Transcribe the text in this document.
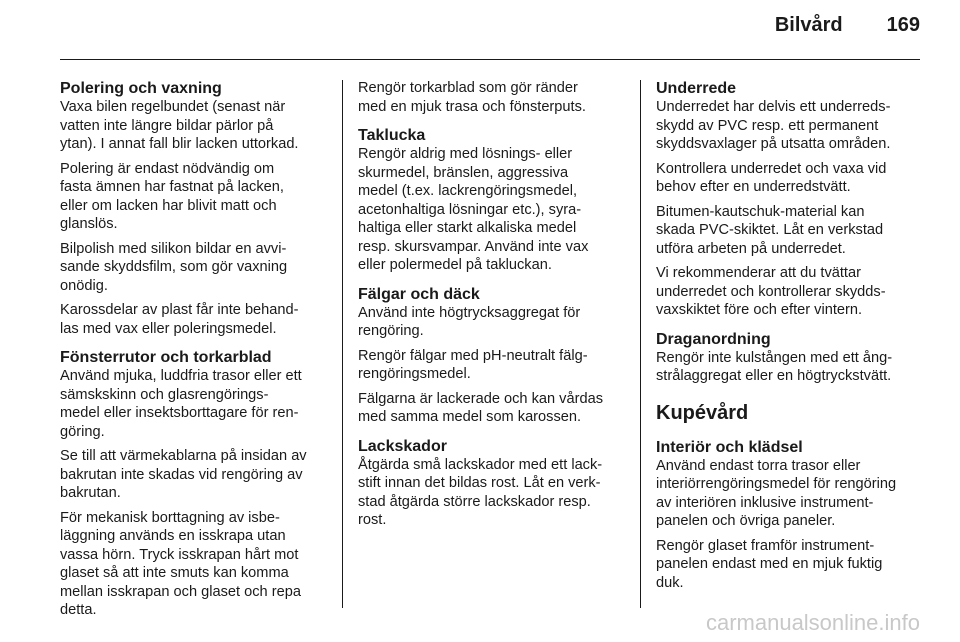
Bilvård 169
Polering och vaxning

Vaxa bilen regelbundet (senast när
vatten inte längre bildar pärlor på
ytan). I annat fall blir lacken uttorkad.

Polering är endast nödvändig om
fasta ämnen har fastnat på lacken,
eller om lacken har blivit matt och
glanslös.

Bilpolish med silikon bildar en avvi-
sande skyddsfilm, som gör vaxning
onödig.

Karossdelar av plast får inte behand-
las med vax eller poleringsmedel.

Fönsterrutor och torkarblad

Använd mjuka, luddfria trasor eller ett
sämskskinn och glasrengörings-
medel eller insektsborttagare för ren-
göring.

Se till att värmekablarna på insidan av
bakrutan inte skadas vid rengöring av
bakrutan.

För mekanisk borttagning av isbe-
läggning används en isskrapa utan
vassa hörn. Tryck isskrapan hårt mot
glaset så att inte smuts kan komma
mellan isskrapan och glaset och repa
detta.

Rengör torkarblad som gör ränder
med en mjuk trasa och fönsterputs.

Taklucka

Rengör aldrig med lösnings- eller
skurmedel, bränslen, aggressiva
medel (t.ex. lackrengöringsmedel,
acetonhaltiga lösningar etc.), syra-
haltiga eller starkt alkaliska medel
resp. skursvampar. Använd inte vax
eller polermedel på takluckan.

Fälgar och däck

Använd inte högtrycksaggregat för
rengöring.

Rengör fälgar med pH-neutralt fälg-
rengöringsmedel.

Fälgarna är lackerade och kan vårdas
med samma medel som karossen.

Lackskador

Åtgärda små lackskador med ett lack-
stift innan det bildas rost. Låt en verk-
stad åtgärda större lackskador resp.
rost.

Underrede

Underredet har delvis ett underreds-
skydd av PVC resp. ett permanent
skyddsvaxlager på utsatta områden.

Kontrollera underredet och vaxa vid
behov efter en underredstvätt.

Bitumen-kautschuk-material kan
skada PVC-skiktet. Låt en verkstad
utföra arbeten på underredet.

Vi rekommenderar att du tvättar
underredet och kontrollerar skydds-
vaxskiktet före och efter vintern.

Draganordning

Rengör inte kulstången med ett ång-
strålaggregat eller en högtryckstvätt.

Kupévård
Interiör och klädsel

Använd endast torra trasor eller
interiörrengöringsmedel för rengöring
av interiören inklusive instrument-
panelen och övriga paneler.

Rengör glaset framför instrument-
panelen endast med en mjuk fuktig
duk.

carmanualsonline.info
